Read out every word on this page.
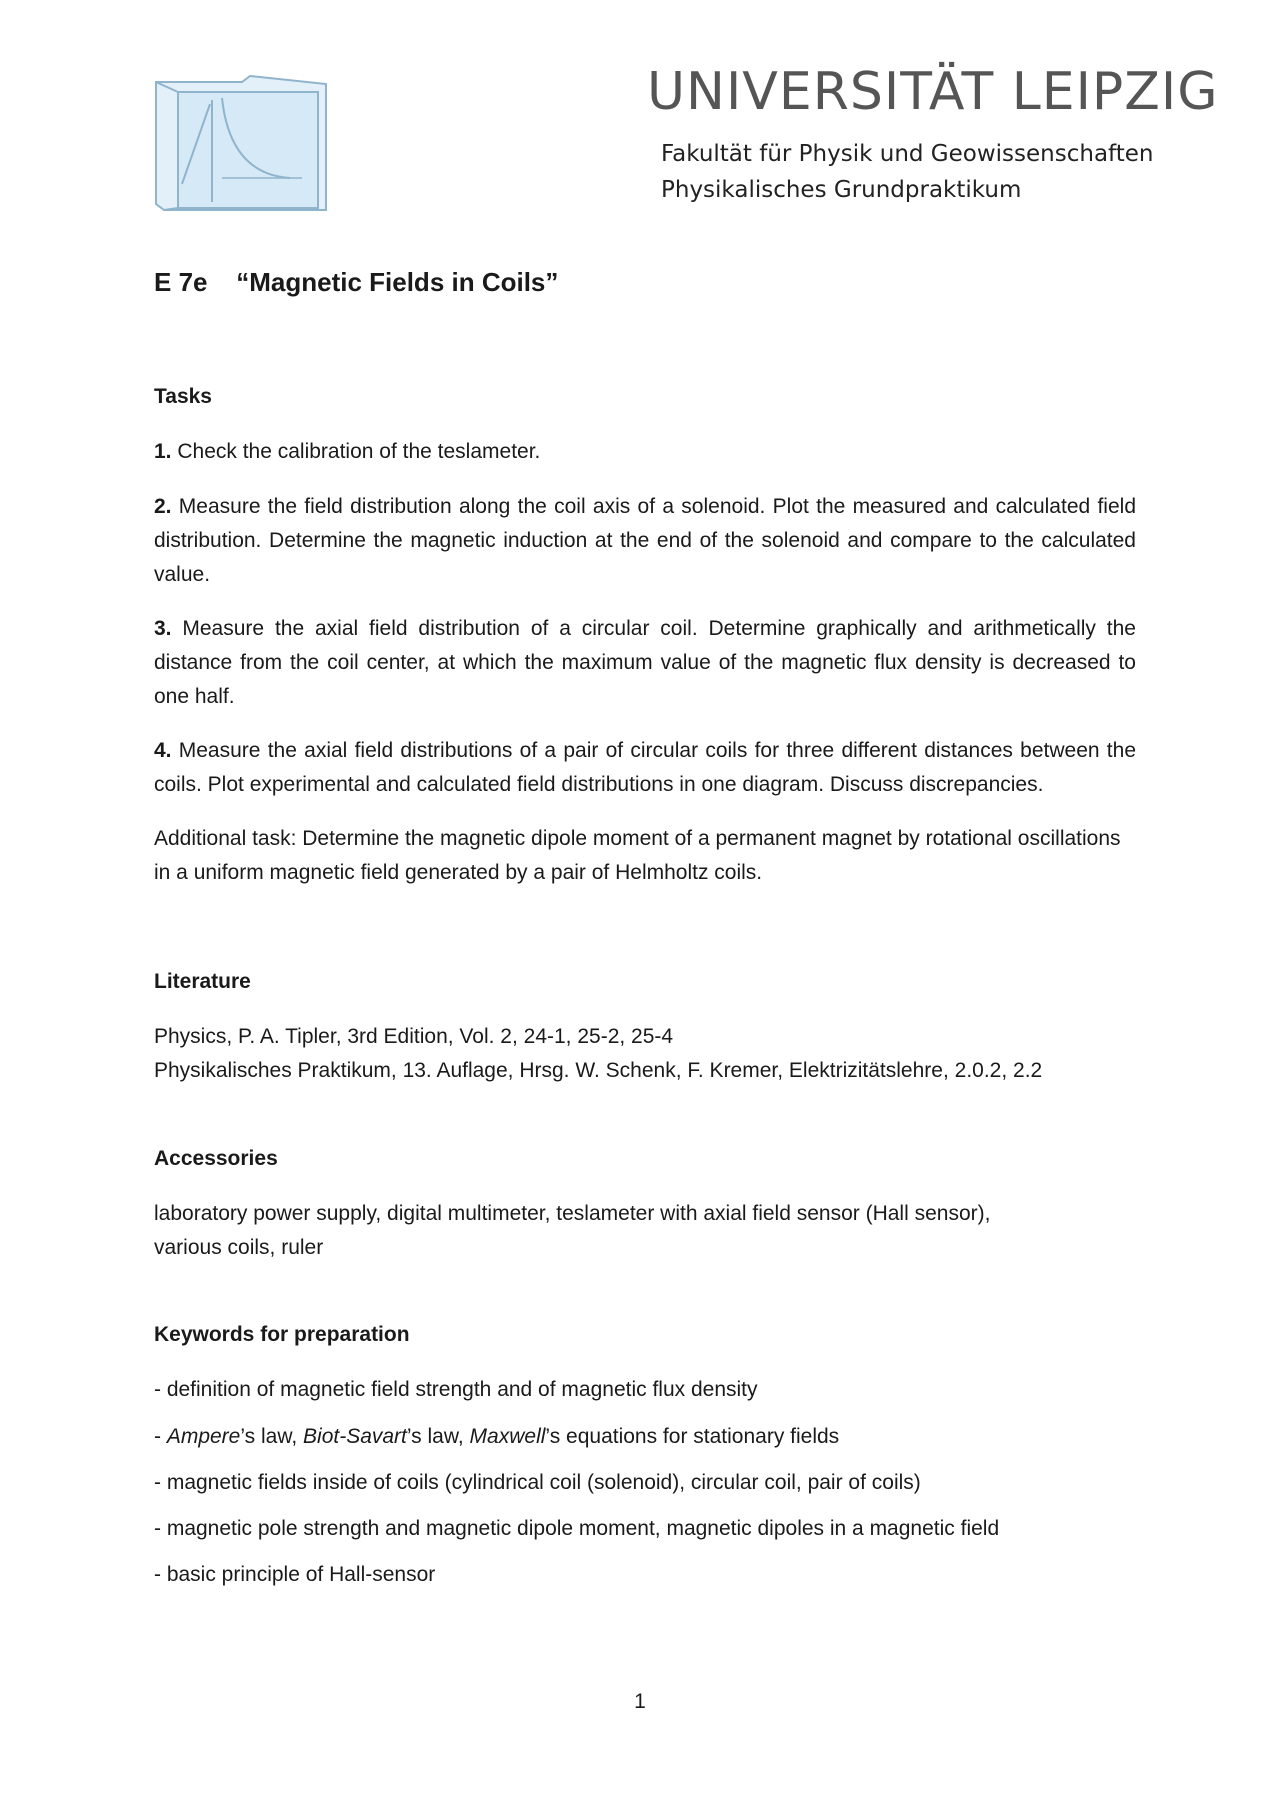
UNIVERSITÄT LEIPZIG
Fakultät für Physik und Geowissenschaften
Physikalisches Grundpraktikum
E 7e “Magnetic Fields in Coils”
Tasks
1. Check the calibration of the teslameter.
2. Measure the field distribution along the coil axis of a solenoid. Plot the measured and calculated field distribution. Determine the magnetic induction at the end of the solenoid and compare to the calculated value.
3. Measure the axial field distribution of a circular coil. Determine graphically and arithmetically the distance from the coil center, at which the maximum value of the magnetic flux density is decreased to one half.
4. Measure the axial field distributions of a pair of circular coils for three different distances between the coils. Plot experimental and calculated field distributions in one diagram. Discuss discrepancies.
Additional task: Determine the magnetic dipole moment of a permanent magnet by rotational oscillations in a uniform magnetic field generated by a pair of Helmholtz coils.
Literature
Physics, P. A. Tipler, 3rd Edition, Vol. 2, 24-1, 25-2, 25-4
Physikalisches Praktikum, 13. Auflage, Hrsg. W. Schenk, F. Kremer, Elektrizitätslehre, 2.0.2, 2.2
Accessories
laboratory power supply, digital multimeter, teslameter with axial field sensor (Hall sensor),
various coils, ruler
Keywords for preparation
- definition of magnetic field strength and of magnetic flux density
- Ampere’s law, Biot-Savart’s law, Maxwell’s equations for stationary fields
- magnetic fields inside of coils (cylindrical coil (solenoid), circular coil, pair of coils)
- magnetic pole strength and magnetic dipole moment, magnetic dipoles in a magnetic field
- basic principle of Hall-sensor
1
